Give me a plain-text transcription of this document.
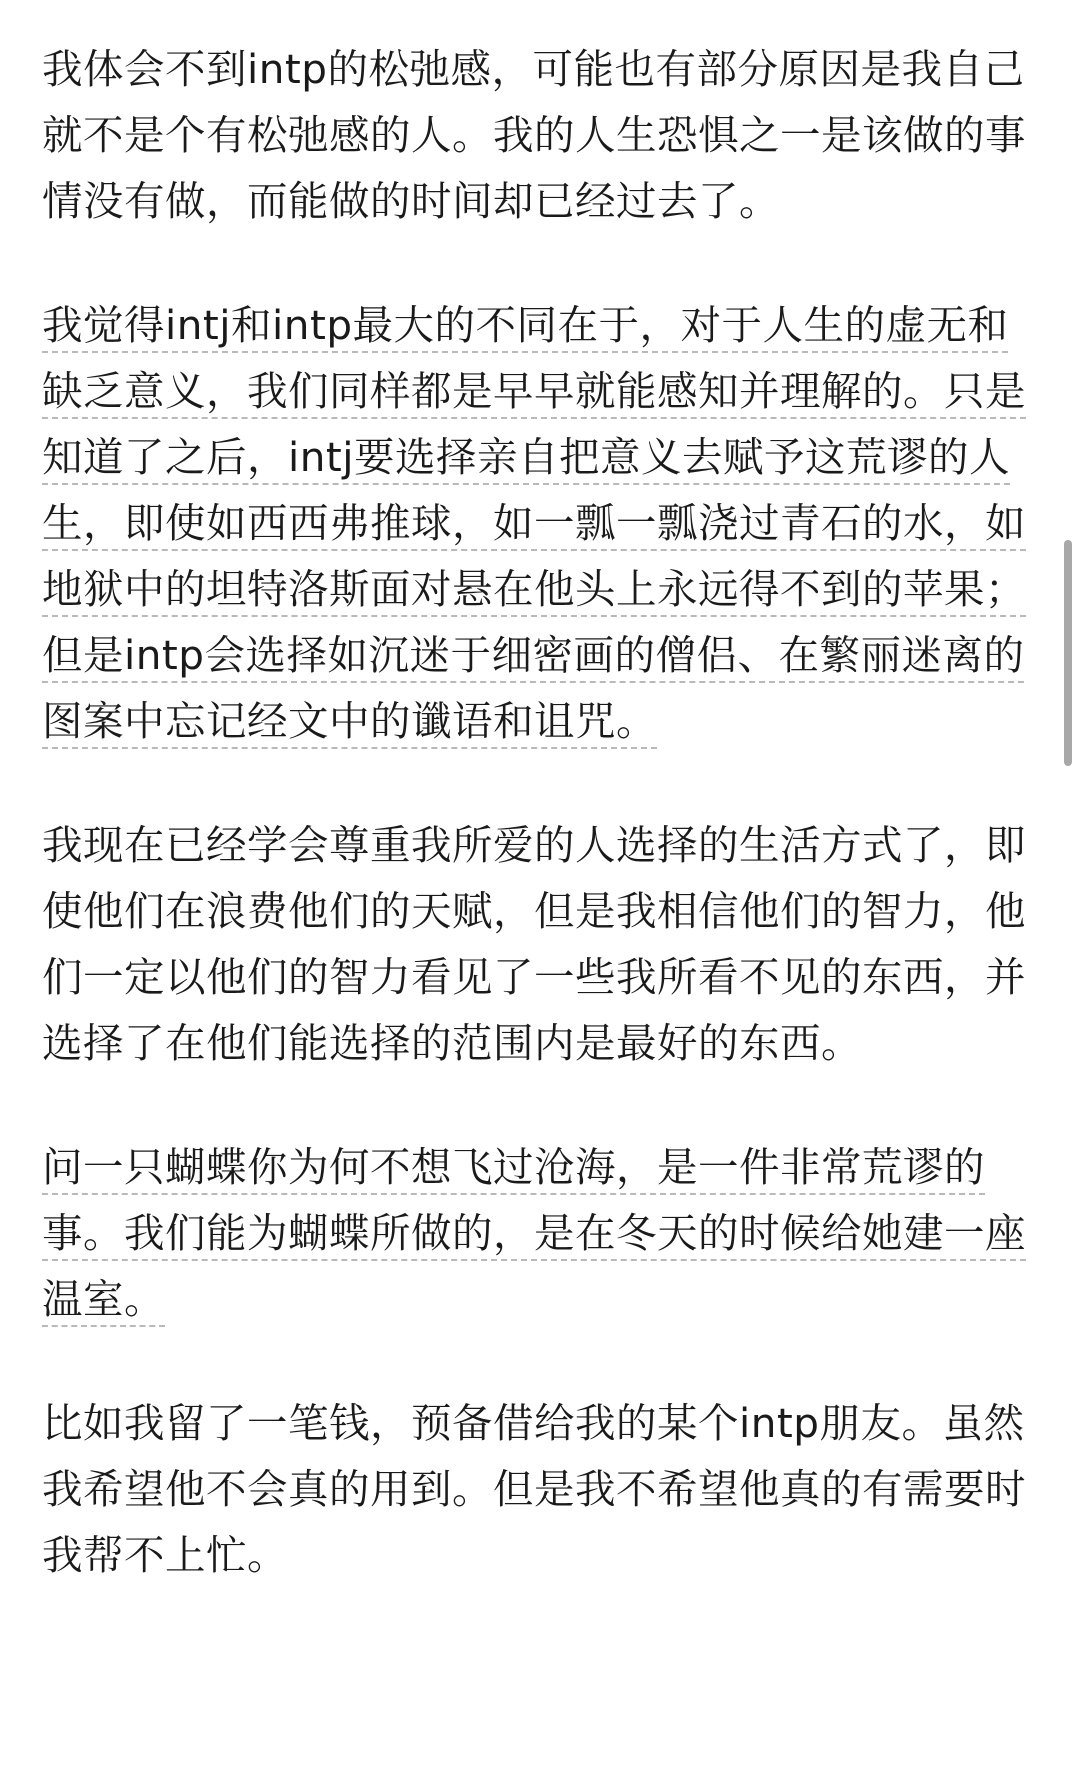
我体会不到intp的松弛感，可能也有部分原因是我自己就不是个有松弛感的人。我的人生恐惧之一是该做的事情没有做，而能做的时间却已经过去了。

我觉得intj和intp最大的不同在于，对于人生的虚无和缺乏意义，我们同样都是早早就能感知并理解的。只是知道了之后，intj要选择亲自把意义去赋予这荒谬的人生，即使如西西弗推球，如一瓢一瓢浇过青石的水，如地狱中的坦特洛斯面对悬在他头上永远得不到的苹果；但是intp会选择如沉迷于细密画的僧侣、在繁丽迷离的图案中忘记经文中的谶语和诅咒。

我现在已经学会尊重我所爱的人选择的生活方式了，即使他们在浪费他们的天赋，但是我相信他们的智力，他们一定以他们的智力看见了一些我所看不见的东西，并选择了在他们能选择的范围内是最好的东西。

问一只蝴蝶你为何不想飞过沧海，是一件非常荒谬的事。我们能为蝴蝶所做的，是在冬天的时候给她建一座温室。

比如我留了一笔钱，预备借给我的某个intp朋友。虽然我希望他不会真的用到。但是我不希望他真的有需要时我帮不上忙。
